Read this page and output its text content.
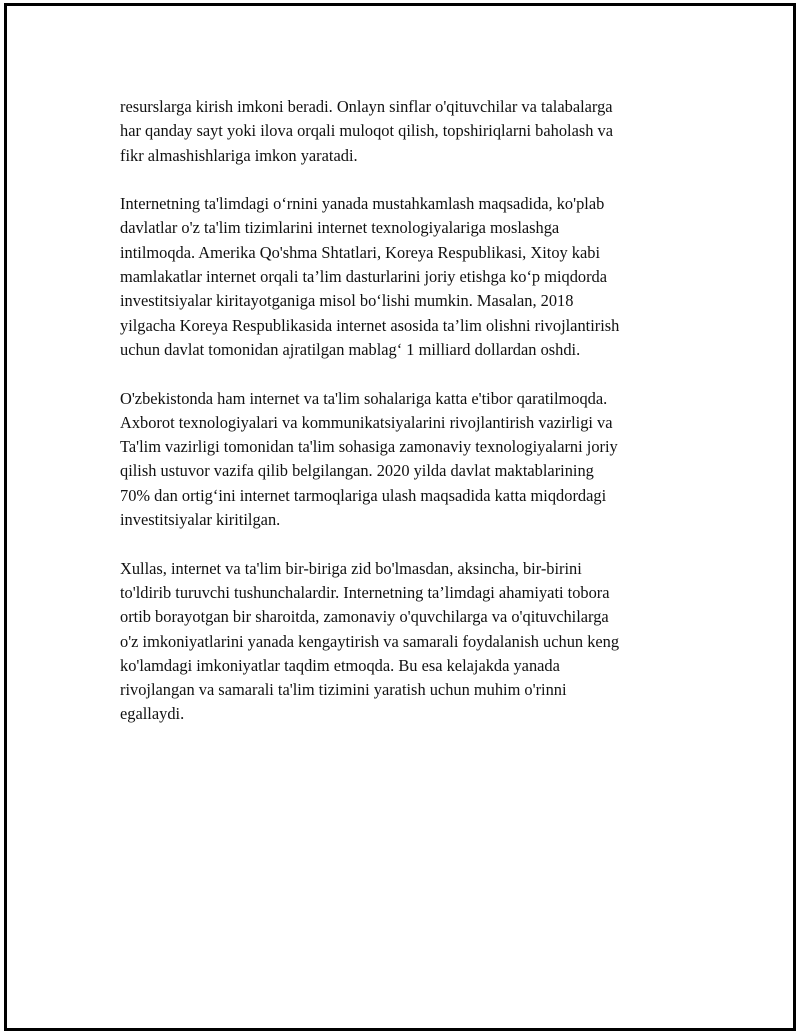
resurslarga kirish imkoni beradi. Onlayn sinflar o'qituvchilar va talabalarga
har qanday sayt yoki ilova orqali muloqot qilish, topshiriqlarni baholash va
fikr almashishlariga imkon yaratadi.

Internetning ta'limdagi o‘rnini yanada mustahkamlash maqsadida, ko'plab
davlatlar o'z ta'lim tizimlarini internet texnologiyalariga moslashga
intilmoqda. Amerika Qo'shma Shtatlari, Koreya Respublikasi, Xitoy kabi
mamlakatlar internet orqali ta’lim dasturlarini joriy etishga ko‘p miqdorda
investitsiyalar kiritayotganiga misol bo‘lishi mumkin. Masalan, 2018
yilgacha Koreya Respublikasida internet asosida ta’lim olishni rivojlantirish
uchun davlat tomonidan ajratilgan mablag‘ 1 milliard dollardan oshdi.

O'zbekistonda ham internet va ta'lim sohalariga katta e'tibor qaratilmoqda.
Axborot texnologiyalari va kommunikatsiyalarini rivojlantirish vazirligi va
Ta'lim vazirligi tomonidan ta'lim sohasiga zamonaviy texnologiyalarni joriy
qilish ustuvor vazifa qilib belgilangan. 2020 yilda davlat maktablarining
70% dan ortig‘ini internet tarmoqlariga ulash maqsadida katta miqdordagi
investitsiyalar kiritilgan.

Xullas, internet va ta'lim bir-biriga zid bo'lmasdan, aksincha, bir-birini
to'ldirib turuvchi tushunchalardir. Internetning ta’limdagi ahamiyati tobora
ortib borayotgan bir sharoitda, zamonaviy o'quvchilarga va o'qituvchilarga
o'z imkoniyatlarini yanada kengaytirish va samarali foydalanish uchun keng
ko'lamdagi imkoniyatlar taqdim etmoqda. Bu esa kelajakda yanada
rivojlangan va samarali ta'lim tizimini yaratish uchun muhim o'rinni
egallaydi.
